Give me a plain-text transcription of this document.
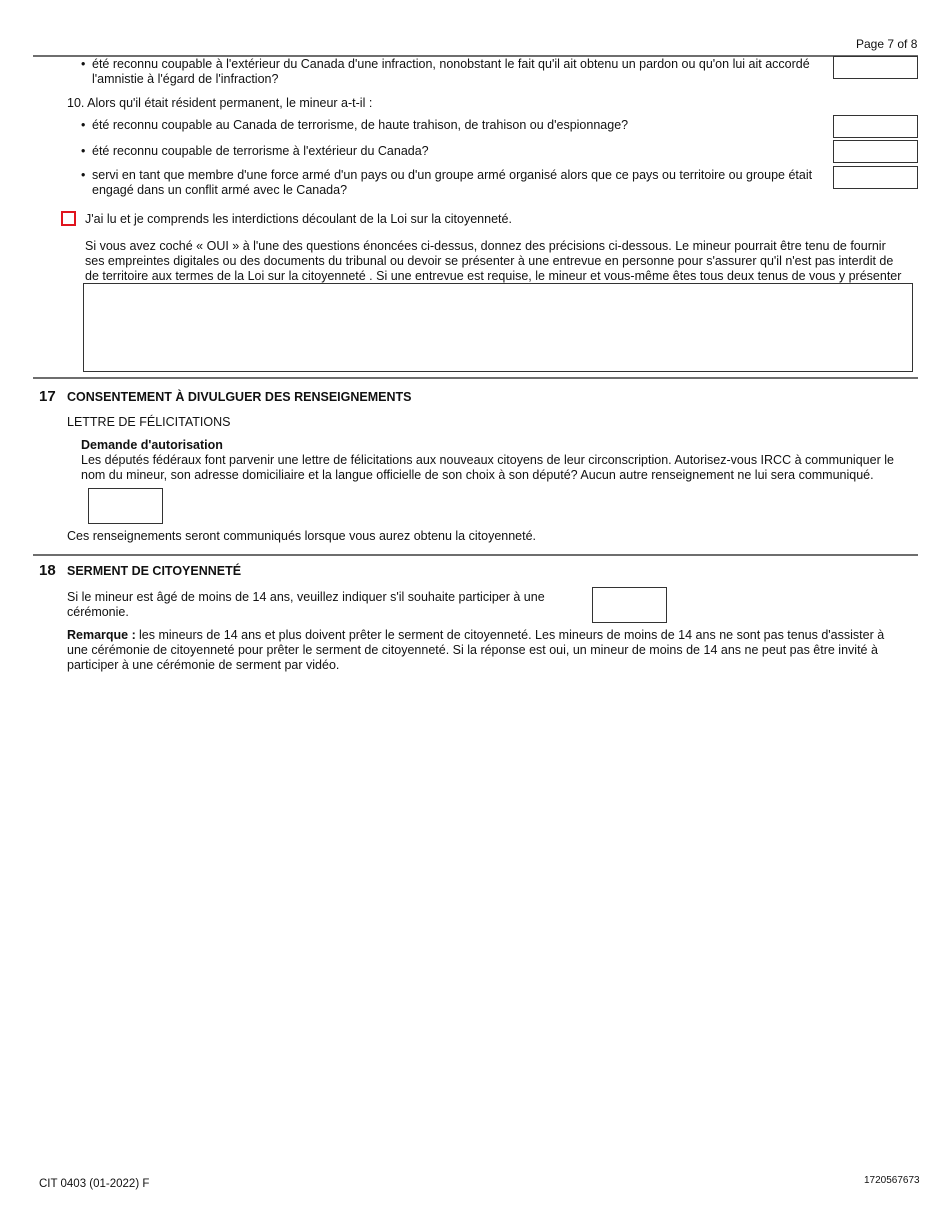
Page 7 of 8
• été reconnu coupable à l'extérieur du Canada d'une infraction, nonobstant le fait qu'il ait obtenu un pardon ou qu'on lui ait accordé l'amnistie à l'égard de l'infraction?
10. Alors qu'il était résident permanent, le mineur a-t-il :
• été reconnu coupable au Canada de terrorisme, de haute trahison, de trahison ou d'espionnage?
• été reconnu coupable de terrorisme à l'extérieur du Canada?
• servi en tant que membre d'une force armé d'un pays ou d'un groupe armé organisé alors que ce pays ou territoire ou groupe était engagé dans un conflit armé avec le Canada?
J'ai lu et je comprends les interdictions découlant de la Loi sur la citoyenneté.
Si vous avez coché « OUI » à l'une des questions énoncées ci-dessus, donnez des précisions ci-dessous. Le mineur pourrait être tenu de fournir ses empreintes digitales ou des documents du tribunal ou devoir se présenter à une entrevue en personne pour s'assurer qu'il n'est pas interdit de de territoire aux termes de la Loi sur la citoyenneté . Si une entrevue est requise, le mineur et vous-même êtes tous deux tenus de vous y présenter
17 CONSENTEMENT À DIVULGUER DES RENSEIGNEMENTS
LETTRE DE FÉLICITATIONS
Demande d'autorisation
Les députés fédéraux font parvenir une lettre de félicitations aux nouveaux citoyens de leur circonscription. Autorisez-vous IRCC à communiquer le nom du mineur, son adresse domiciliaire et la langue officielle de son choix à son député? Aucun autre renseignement ne lui sera communiqué.
Ces renseignements seront communiqués lorsque vous aurez obtenu la citoyenneté.
18 SERMENT DE CITOYENNETÉ
Si le mineur est âgé de moins de 14 ans, veuillez indiquer s'il souhaite participer à une cérémonie.
Remarque : les mineurs de 14 ans et plus doivent prêter le serment de citoyenneté. Les mineurs de moins de 14 ans ne sont pas tenus d'assister à une cérémonie de citoyenneté pour prêter le serment de citoyenneté. Si la réponse est oui, un mineur de moins de 14 ans ne peut pas être invité à participer à une cérémonie de serment par vidéo.
CIT 0403 (01-2022) F	1720567673
